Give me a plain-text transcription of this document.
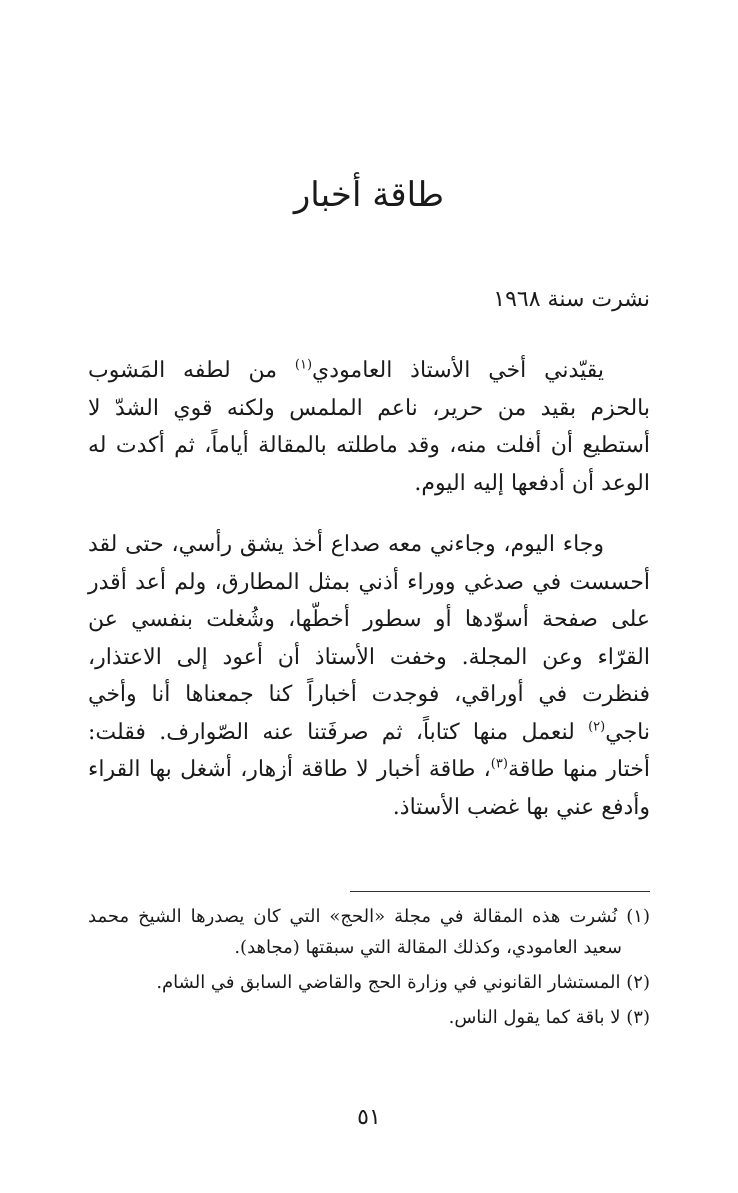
طاقة أخبار

نشرت سنة ١٩٦٨

يقيّدني أخي الأستاذ العامودي$^{(١)}$ من لطفه المَشوب بالحزم بقيد من حرير، ناعم الملمس ولكنه قوي الشدّ لا أستطيع أن أفلت منه، وقد ماطلته بالمقالة أياماً، ثم أكدت له الوعد أن أدفعها إليه اليوم.

وجاء اليوم، وجاءني معه صداع أخذ يشق رأسي، حتى لقد أحسست في صدغي ووراء أذني بمثل المطارق، ولم أعد أقدر على صفحة أسوّدها أو سطور أخطّها، وشُغلت بنفسي عن القرّاء وعن المجلة. وخفت الأستاذ أن أعود إلى الاعتذار، فنظرت في أوراقي، فوجدت أخباراً كنا جمعناها أنا وأخي ناجي$^{(٢)}$ لنعمل منها كتاباً، ثم صرفَتنا عنه الصّوارف. فقلت: أختار منها طاقة$^{(٣)}$، طاقة أخبار لا طاقة أزهار، أشغل بها القراء وأدفع عني بها غضب الأستاذ.

(١) نُشرت هذه المقالة في مجلة «الحج» التي كان يصدرها الشيخ محمد سعيد العامودي، وكذلك المقالة التي سبقتها (مجاهد).

(٢) المستشار القانوني في وزارة الحج والقاضي السابق في الشام.

(٣) لا باقة كما يقول الناس.

٥١
